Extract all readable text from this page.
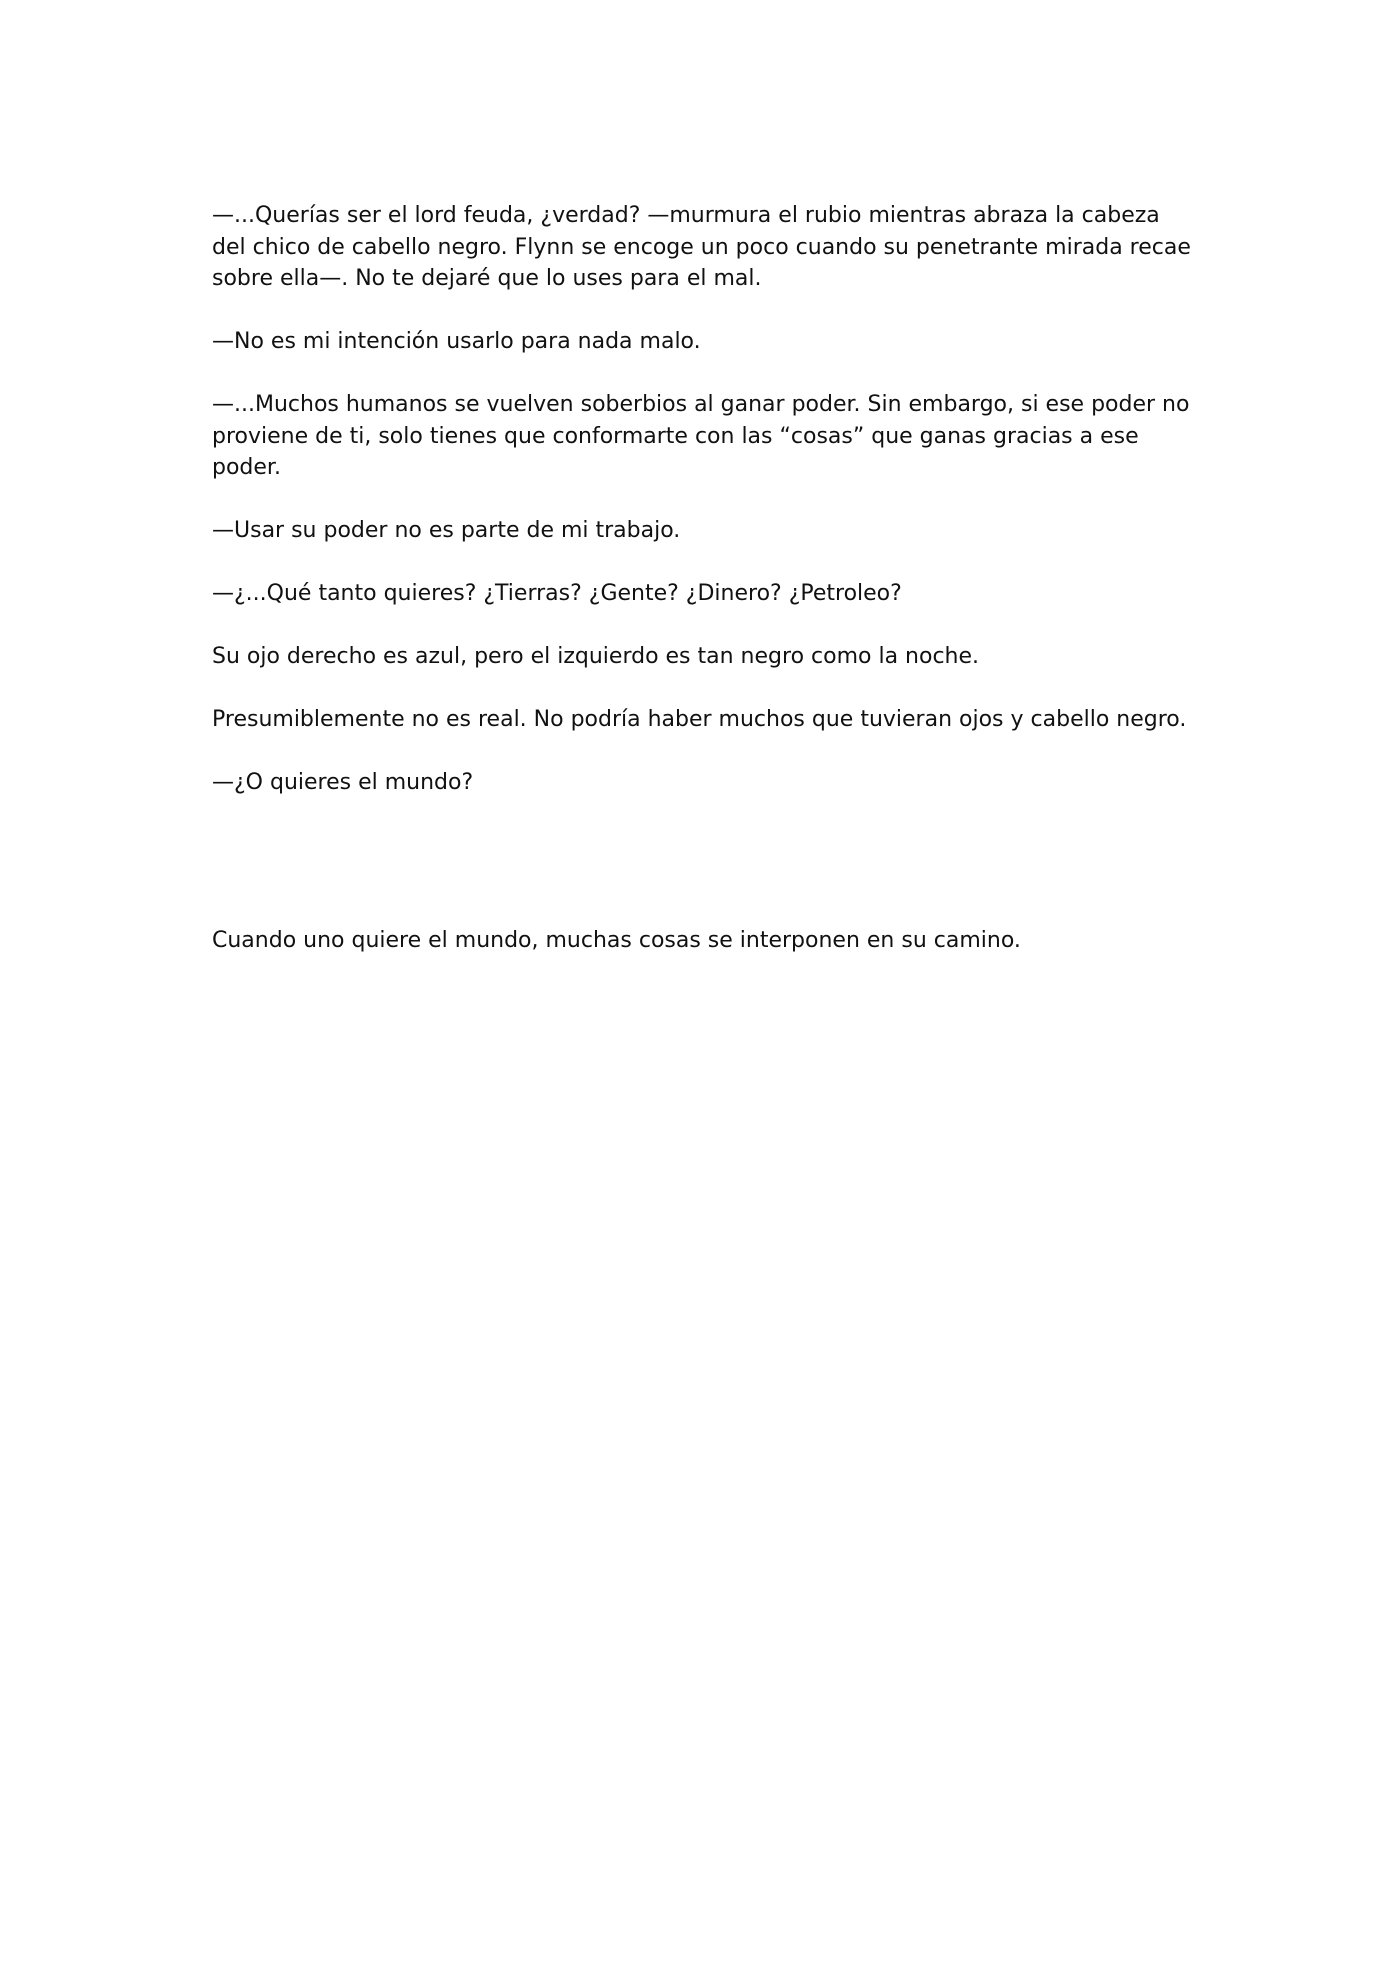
—...Querías ser el lord feuda, ¿verdad? —murmura el rubio mientras abraza la cabeza del chico de cabello negro. Flynn se encoge un poco cuando su penetrante mirada recae sobre ella—. No te dejaré que lo uses para el mal.

—No es mi intención usarlo para nada malo.

—...Muchos humanos se vuelven soberbios al ganar poder. Sin embargo, si ese poder no proviene de ti, solo tienes que conformarte con las “cosas” que ganas gracias a ese poder.

—Usar su poder no es parte de mi trabajo.

—¿...Qué tanto quieres? ¿Tierras? ¿Gente? ¿Dinero? ¿Petroleo?

Su ojo derecho es azul, pero el izquierdo es tan negro como la noche.

Presumiblemente no es real. No podría haber muchos que tuvieran ojos y cabello negro.

—¿O quieres el mundo?

Cuando uno quiere el mundo, muchas cosas se interponen en su camino.
